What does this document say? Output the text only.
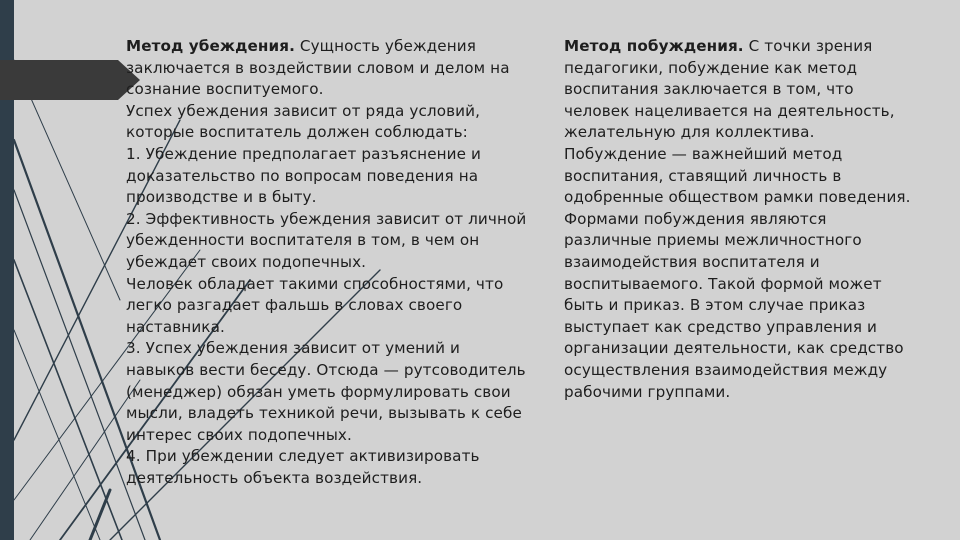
Метод убеждения. Сущность убеждения заключается в воздействии словом и делом на сознание воспитуемого.

Успех убеждения зависит от ряда условий, которые воспитатель должен соблюдать:

1. Убеждение предполагает разъяснение и доказательство по вопросам поведения на производстве и в быту.

2. Эффективность убеждения зависит от личной убежденности воспитателя в том, в чем он убеждает своих подопечных.

Человек обладает такими способностями, что легко разгадает фальшь в словах своего наставника.

3. Успех убеждения зависит от умений и навыков вести беседу. Отсюда — рутсоводитель (менеджер) обязан уметь формулировать свои мысли, владеть техникой речи, вызывать к себе интерес своих подопечных.

4. При убеждении следует активизировать деятельность объекта воздействия.

Метод побуждения. С точки зрения педагогики, побуждение как метод воспитания заключается в том, что человек нацеливается на деятельность, желательную для коллектива. Побуждение — важнейший метод воспитания, ставящий личность в одобренные обществом рамки поведения. Формами побуждения являются различные приемы межличностного взаимодействия воспитателя и воспитываемого. Такой формой может быть и приказ. В этом случае приказ выступает как средство управления и организации деятельности, как средство осуществления взаимодействия между рабочими группами.
